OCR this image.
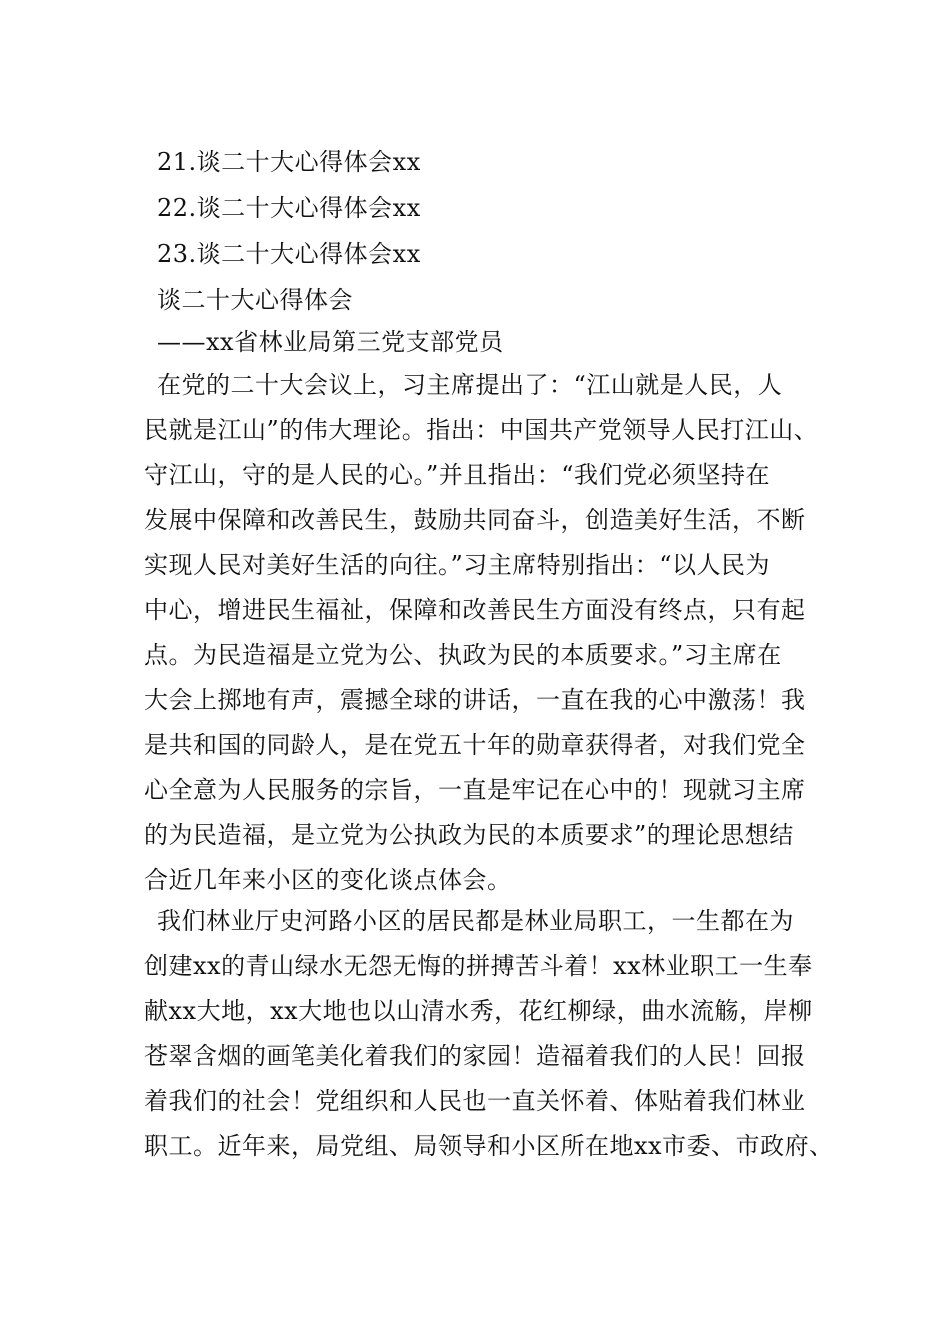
21.谈二十大心得体会xx
22.谈二十大心得体会xx
23.谈二十大心得体会xx
谈二十大心得体会
——xx省林业局第三党支部党员
在党的二十大会议上，习主席提出了：“江山就是人民，人
民就是江山”的伟大理论。指出：中国共产党领导人民打江山、
守江山，守的是人民的心。”并且指出：“我们党必须坚持在
发展中保障和改善民生，鼓励共同奋斗，创造美好生活，不断
实现人民对美好生活的向往。”习主席特别指出：“以人民为
中心，增进民生福祉，保障和改善民生方面没有终点，只有起
点。为民造福是立党为公、执政为民的本质要求。”习主席在
大会上掷地有声，震撼全球的讲话，一直在我的心中激荡！我
是共和国的同龄人，是在党五十年的勋章获得者，对我们党全
心全意为人民服务的宗旨，一直是牢记在心中的！现就习主席
的为民造福，是立党为公执政为民的本质要求”的理论思想结
合近几年来小区的变化谈点体会。
我们林业厅史河路小区的居民都是林业局职工，一生都在为
创建xx的青山绿水无怨无悔的拼搏苦斗着！xx林业职工一生奉
献xx大地，xx大地也以山清水秀，花红柳绿，曲水流觞，岸柳
苍翠含烟的画笔美化着我们的家园！造福着我们的人民！回报
着我们的社会！党组织和人民也一直关怀着、体贴着我们林业
职工。近年来，局党组、局领导和小区所在地xx市委、市政府、
